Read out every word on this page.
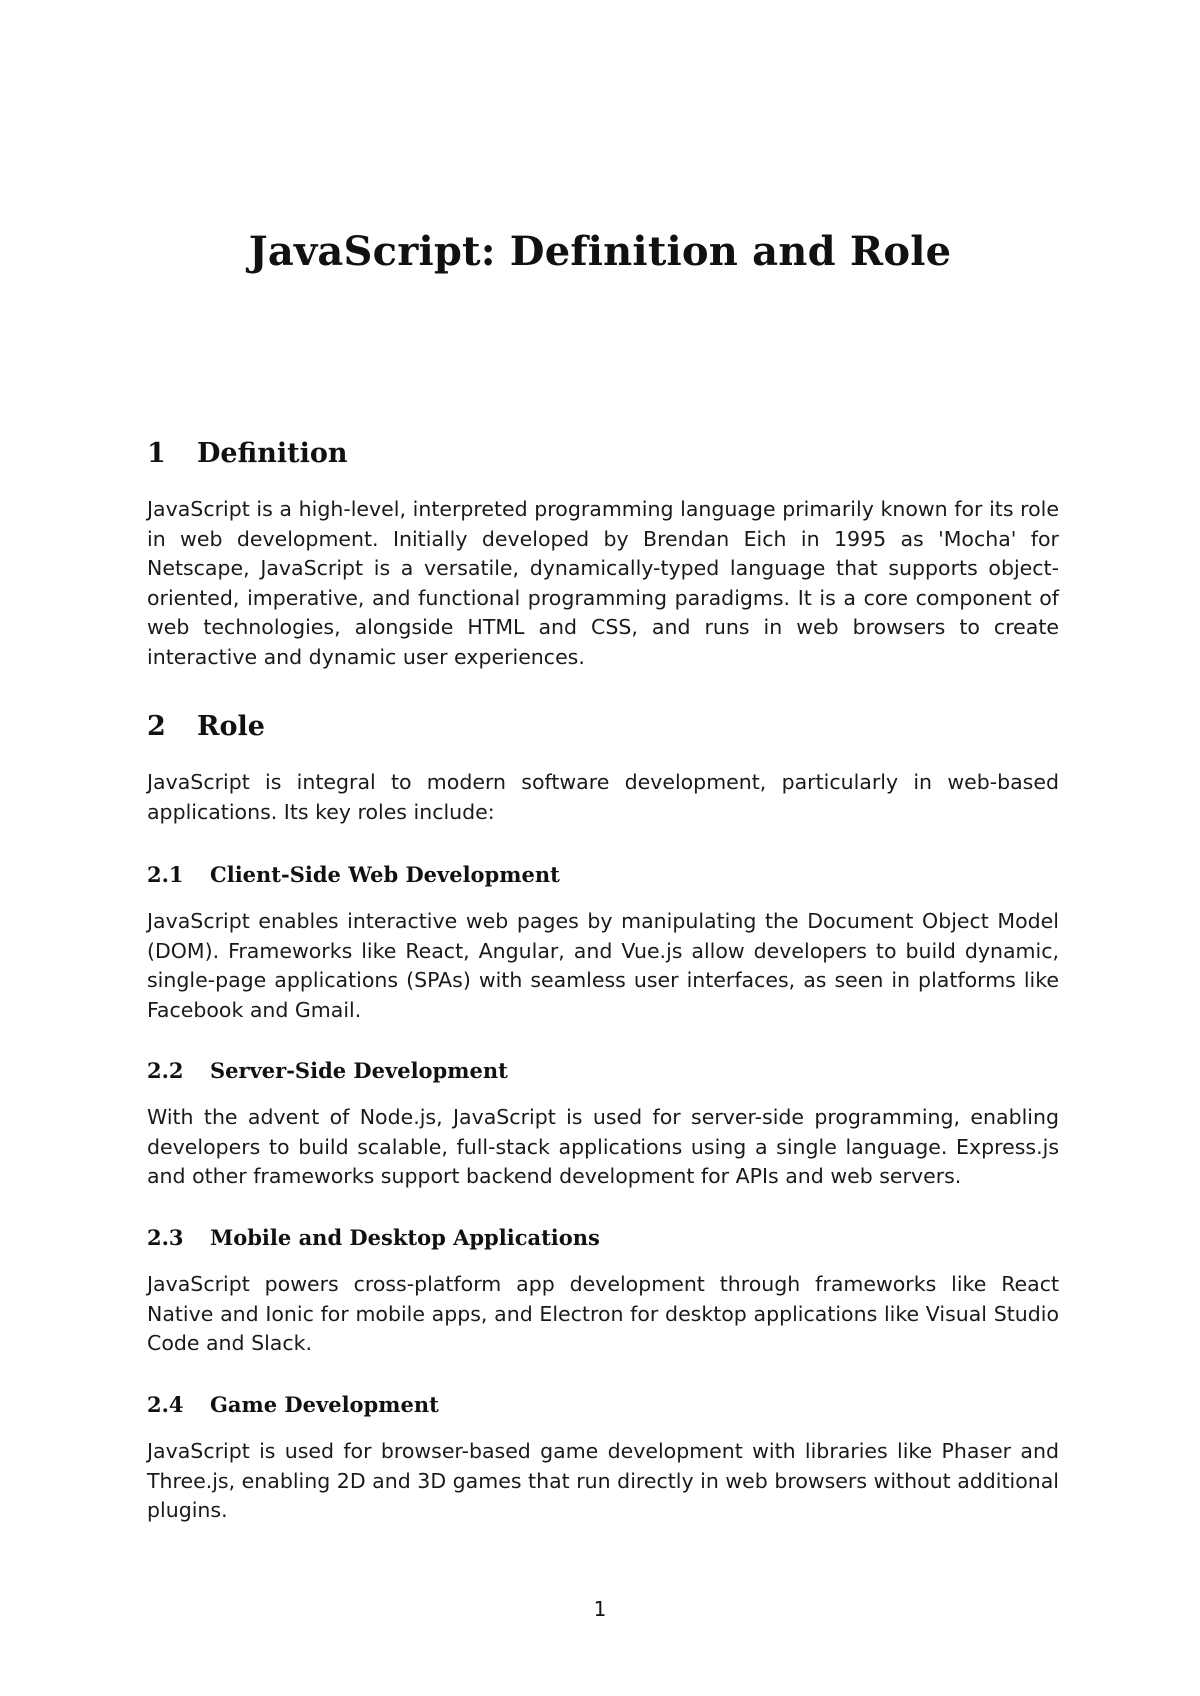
JavaScript: Definition and Role
1 Definition

JavaScript is a high-level, interpreted programming language primarily known for its role in web development. Initially developed by Brendan Eich in 1995 as 'Mocha' for Netscape, JavaScript is a versatile, dynamically-typed language that supports object-oriented, imperative, and functional programming paradigms. It is a core component of web technologies, alongside HTML and CSS, and runs in web browsers to create interactive and dynamic user experiences.

2 Role

JavaScript is integral to modern software development, particularly in web-based applications. Its key roles include:

2.1 Client-Side Web Development

JavaScript enables interactive web pages by manipulating the Document Object Model (DOM). Frameworks like React, Angular, and Vue.js allow developers to build dynamic, single-page applications (SPAs) with seamless user interfaces, as seen in platforms like Facebook and Gmail.

2.2 Server-Side Development

With the advent of Node.js, JavaScript is used for server-side programming, enabling developers to build scalable, full-stack applications using a single language. Express.js and other frameworks support backend development for APIs and web servers.

2.3 Mobile and Desktop Applications

JavaScript powers cross-platform app development through frameworks like React Native and Ionic for mobile apps, and Electron for desktop applications like Visual Studio Code and Slack.

2.4 Game Development

JavaScript is used for browser-based game development with libraries like Phaser and Three.js, enabling 2D and 3D games that run directly in web browsers without additional plugins.

1
